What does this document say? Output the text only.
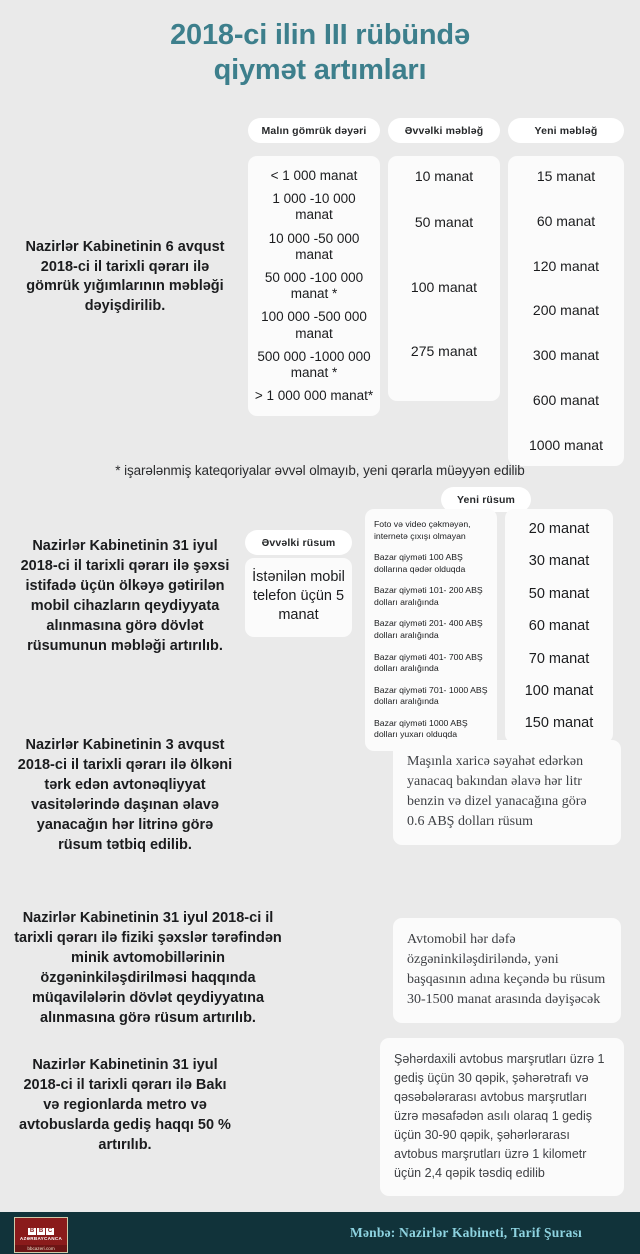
2018-ci ilin III rübündə
qiymət artımları
Malın gömrük dəyəri	Əvvəlki məbləğ	Yeni məbləğ
< 1 000 manat
1 000 -10 000 manat
10 000 -50 000 manat
50 000 -100 000 manat *
100 000 -500 000 manat
500 000 -1000 000 manat *
> 1 000 000 manat*
10 manat
50 manat
100 manat
275 manat
15 manat
60 manat
120 manat
200 manat
300 manat
600 manat
1000 manat
Nazirlər Kabinetinin 6 avqust 2018-ci il tarixli qərarı ilə gömrük yığımlarının məbləği dəyişdirilib.
* işarələnmiş kateqoriyalar əvvəl olmayıb, yeni qərarla müəyyən edilib
Yeni rüsum
Əvvəlki rüsum
İstənilən mobil telefon üçün 5 manat
Foto və video çəkməyən, internetə çıxışı olmayan
Bazar qiyməti 100 ABŞ dollarına qədər olduqda
Bazar qiyməti 101- 200 ABŞ dolları aralığında
Bazar qiyməti 201- 400 ABŞ dolları aralığında
Bazar qiyməti 401- 700 ABŞ dolları aralığında
Bazar qiyməti 701- 1000 ABŞ dolları aralığında
Bazar qiyməti 1000 ABŞ dolları yuxarı olduqda
20 manat
30 manat
50 manat
60 manat
70 manat
100 manat
150 manat
Nazirlər Kabinetinin 31 iyul 2018-ci il tarixli qərarı ilə şəxsi istifadə üçün ölkəyə gətirilən mobil cihazların qeydiyyata alınmasına görə dövlət rüsumunun məbləği artırılıb.
Nazirlər Kabinetinin 3 avqust 2018-ci il tarixli qərarı ilə ölkəni tərk edən avtonəqliyyat vasitələrində daşınan əlavə yanacağın hər litrinə görə rüsum tətbiq edilib.
Maşınla xaricə səyahət edərkən yanacaq bakından əlavə hər litr benzin və dizel yanacağına görə 0.6 ABŞ dolları rüsum
Nazirlər Kabinetinin 31 iyul 2018-ci il tarixli qərarı ilə fiziki şəxslər tərəfindən minik avtomobillərinin özgəninkiləşdirilməsi haqqında müqavilələrin dövlət qeydiyyatına alınmasına görə rüsum artırılıb.
Avtomobil hər dəfə özgəninkiləşdiriləndə, yəni başqasının adına keçəndə bu rüsum 30-1500 manat arasında dəyişəcək
Nazirlər Kabinetinin 31 iyul 2018-ci il tarixli qərarı ilə Bakı və regionlarda metro və avtobuslarda gediş haqqı 50 % artırılıb.
Şəhərdaxili avtobus marşrutları üzrə 1 gediş üçün 30 qəpik, şəhərətrafı və qəsəbələrarası avtobus marşrutları üzrə məsafədən asılı olaraq 1 gediş üçün 30-90 qəpik, şəhərlərarası avtobus marşrutları üzrə 1 kilometr üçün 2,4 qəpik təsdiq edilib
B B C
AZƏRBAYCANCA
bbcazeri.com
Mənbə: Nazirlər Kabineti, Tarif Şurası
